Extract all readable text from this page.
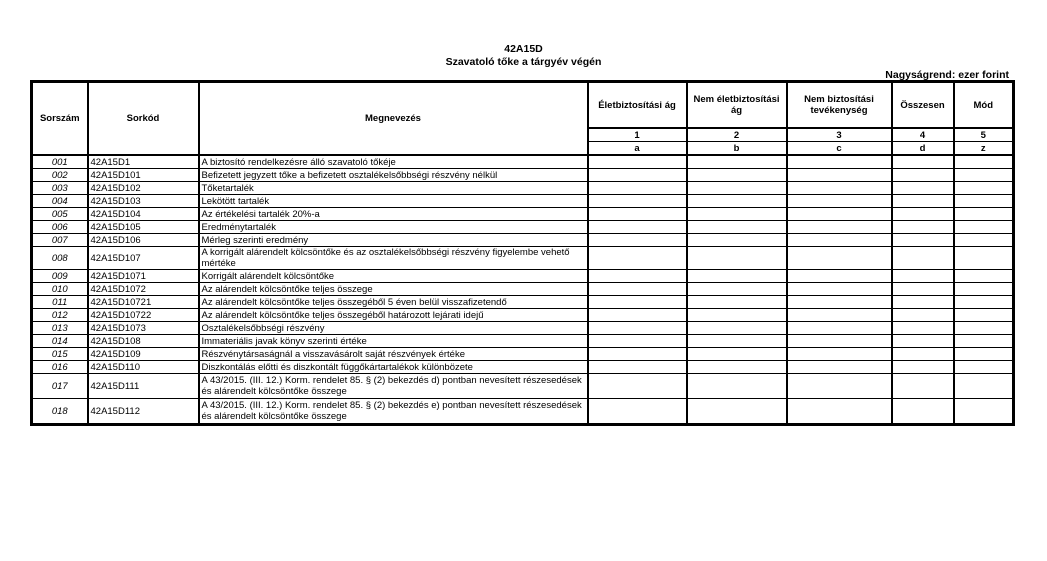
42A15D
Szavatoló tőke a tárgyév végén
Nagyságrend: ezer forint
Sorszám	Sorkód	Megnevezés	Életbiztosítási ág	Nem életbiztosítási ág	Nem biztosítási tevékenység	Összesen	Mód
			1	2	3	4	5
			a	b	c	d	z
001	42A15D1	A biztosító rendelkezésre álló szavatoló tőkéje					
002	42A15D101	Befizetett jegyzett tőke a befizetett osztalékelsőbbségi részvény nélkül					
003	42A15D102	Tőketartalék					
004	42A15D103	Lekötött tartalék					
005	42A15D104	Az értékelési tartalék 20%-a					
006	42A15D105	Eredménytartalék					
007	42A15D106	Mérleg szerinti eredmény					
008	42A15D107	A korrigált alárendelt kölcsöntőke és az osztalékelsőbbségi részvény figyelembe vehető mértéke					
009	42A15D1071	Korrigált alárendelt kölcsöntőke					
010	42A15D1072	Az alárendelt kölcsöntőke teljes összege					
011	42A15D10721	Az alárendelt kölcsöntőke teljes összegéből 5 éven belül visszafizetendő					
012	42A15D10722	Az alárendelt kölcsöntőke teljes összegéből határozott lejárati idejű					
013	42A15D1073	Osztalékelsőbbségi részvény					
014	42A15D108	Immateriális javak könyv szerinti értéke					
015	42A15D109	Részvénytársaságnál a visszavásárolt saját részvények értéke					
016	42A15D110	Diszkontálás előtti és diszkontált függőkártartalékok különbözete					
017	42A15D111	A 43/2015. (III. 12.) Korm. rendelet 85. § (2) bekezdés d) pontban nevesített részesedések és alárendelt kölcsöntőke összege					
018	42A15D112	A 43/2015. (III. 12.) Korm. rendelet 85. § (2) bekezdés e) pontban nevesített részesedések és alárendelt kölcsöntőke összege					
